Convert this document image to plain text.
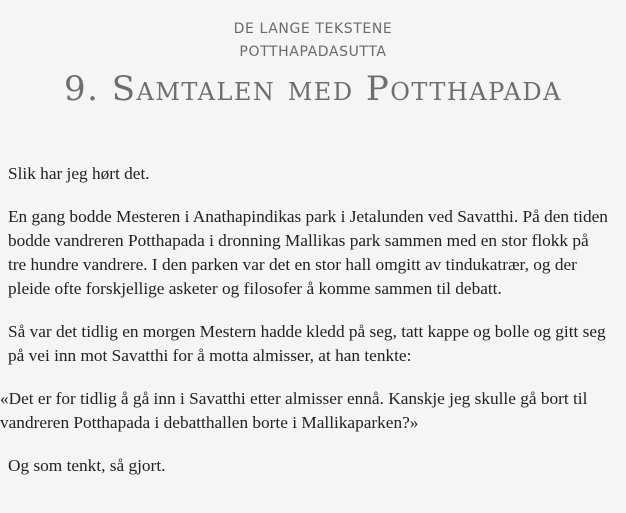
DE LANGE TEKSTENE
POTTHAPADASUTTA
9. Samtalen med Potthapada

Slik har jeg hørt det.

En gang bodde Mesteren i Anathapindikas park i Jetalunden ved Savatthi. På den tiden bodde vandreren Potthapada i dronning Mallikas park sammen med en stor flokk på tre hundre vandrere. I den parken var det en stor hall omgitt av tindukatrær, og der pleide ofte forskjellige asketer og filosofer å komme sammen til debatt.

Så var det tidlig en morgen Mestern hadde kledd på seg, tatt kappe og bolle og gitt seg på vei inn mot Savatthi for å motta almisser, at han tenkte:

«Det er for tidlig å gå inn i Savatthi etter almisser ennå. Kanskje jeg skulle gå bort til vandreren Potthapada i debatthallen borte i Mallikaparken?»

Og som tenkt, så gjort.
